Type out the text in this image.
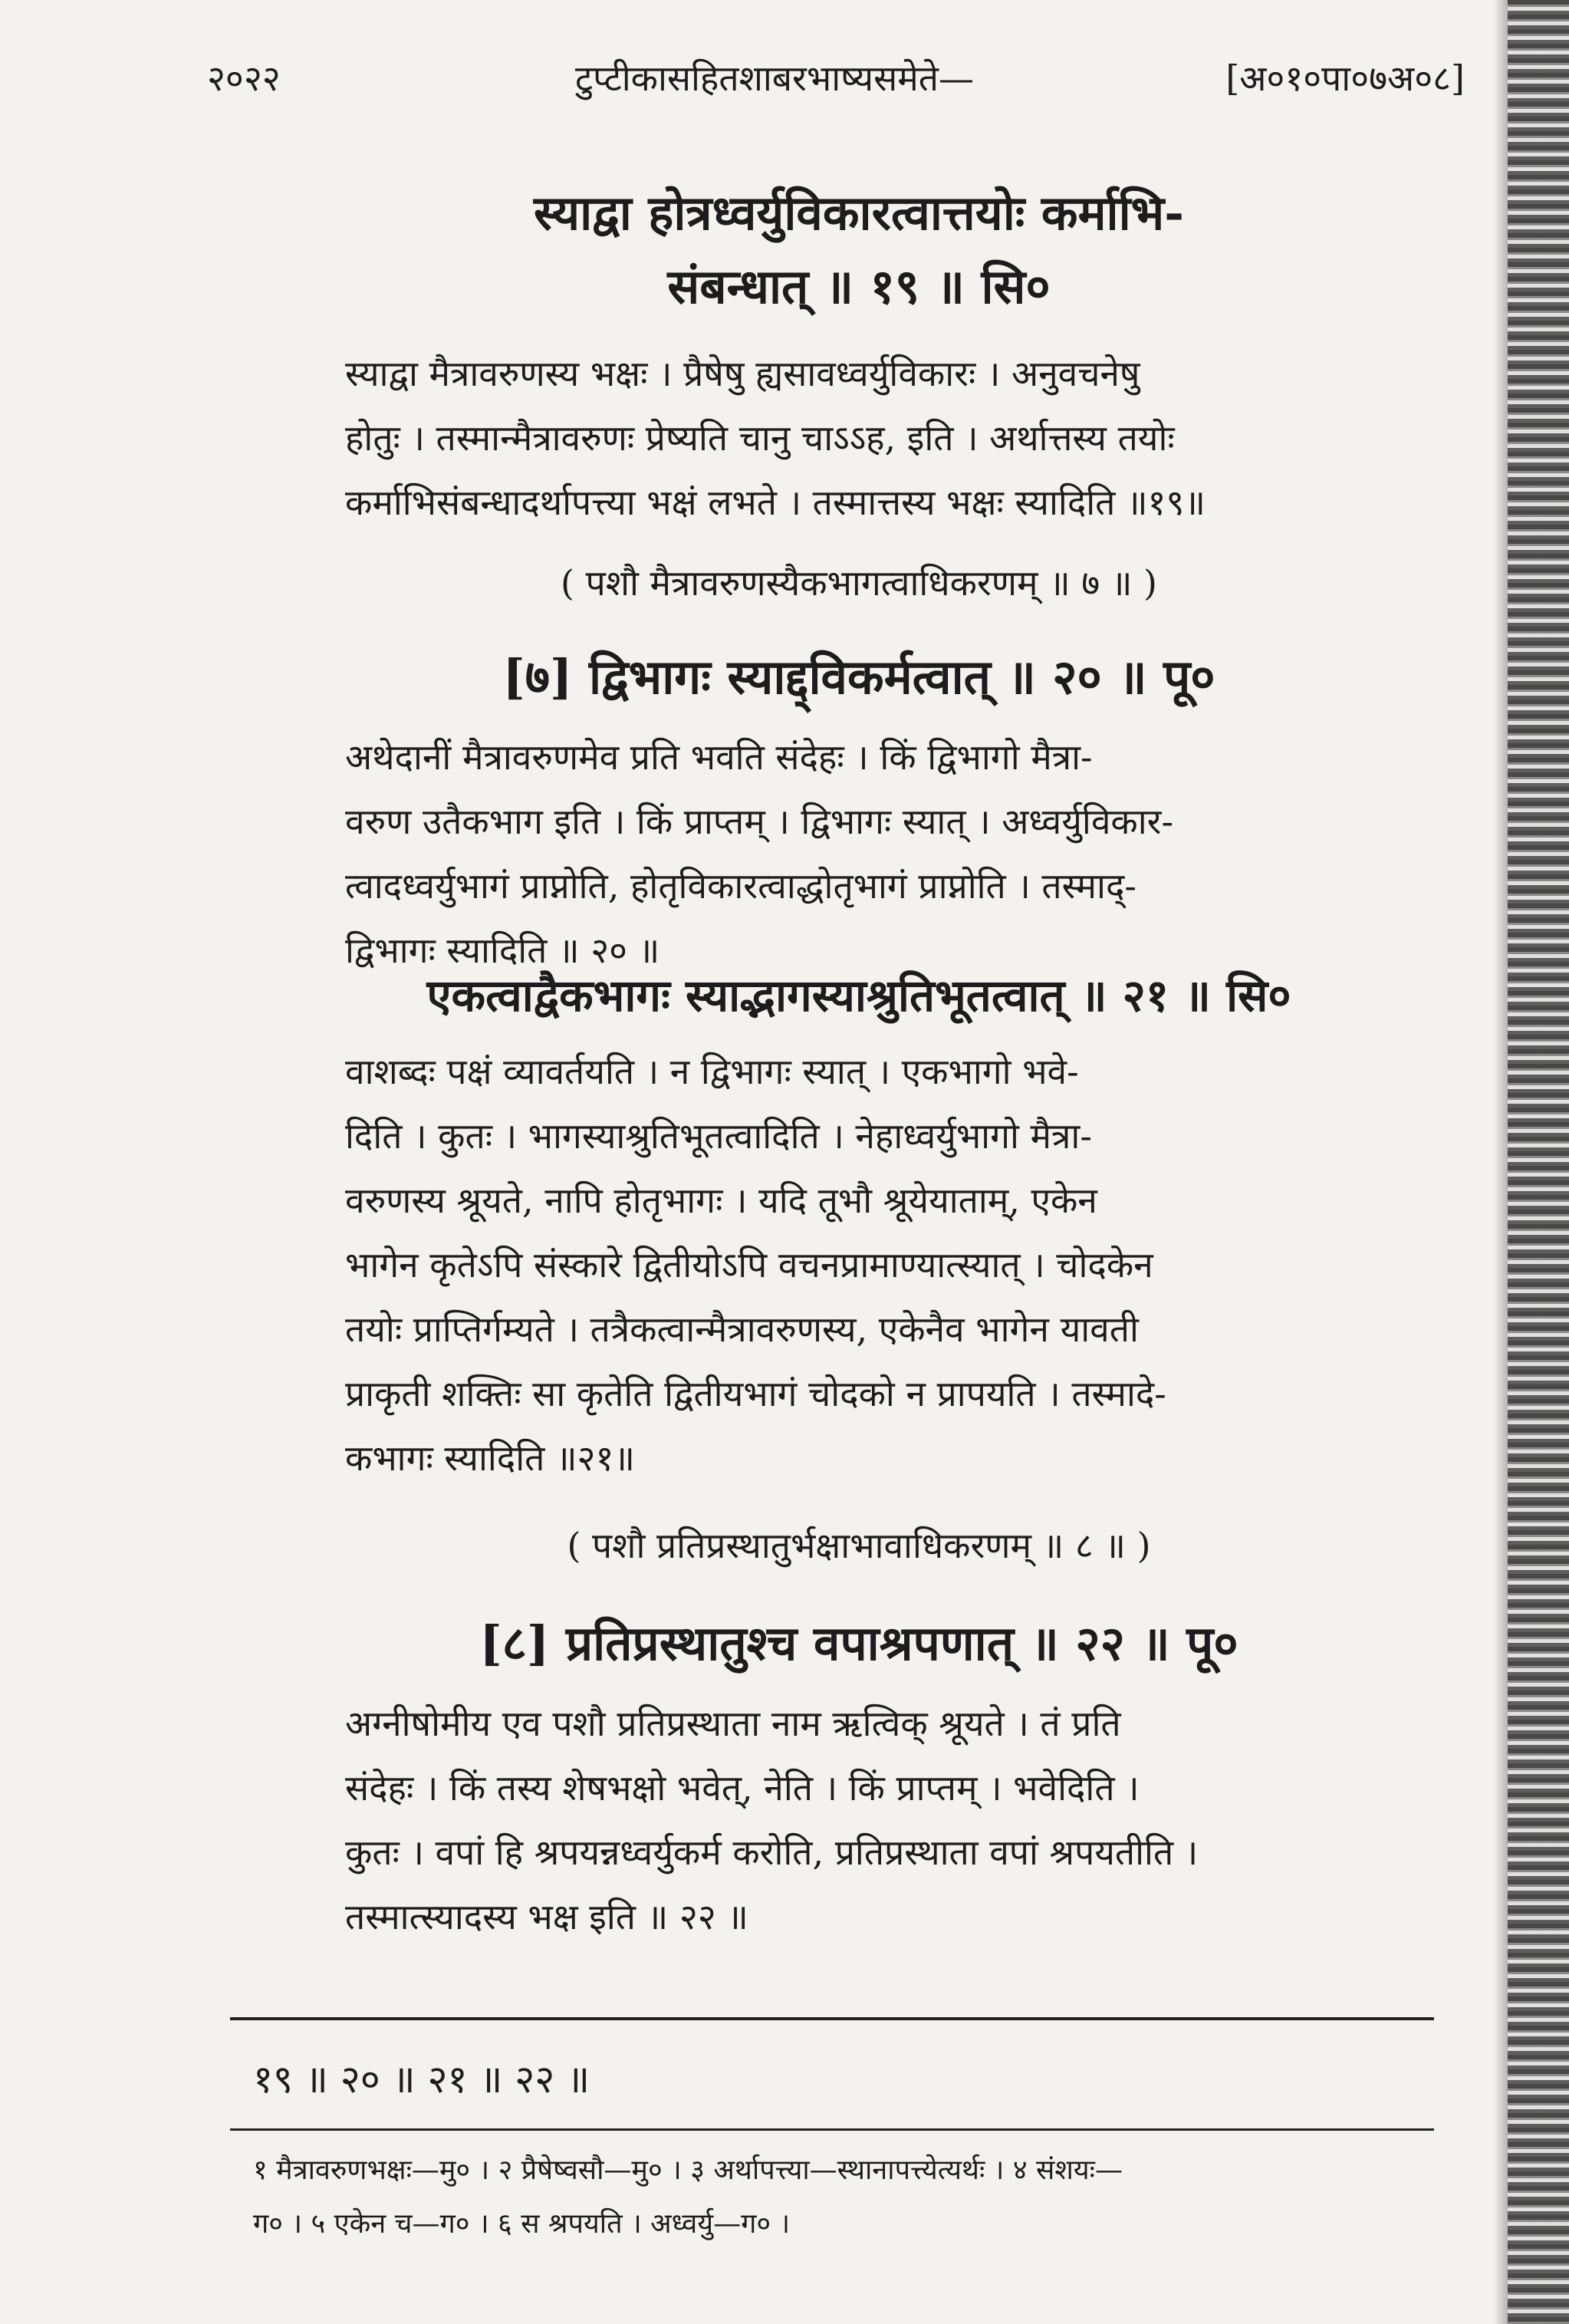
२०२२	टुप्टीकासहितशाबरभाष्यसमेते—	[अ०१०पा०७अ०८]
स्याद्वा होत्रध्वर्युविकारत्वात्तयोः कर्माभि-
संबन्धात् ॥ १९ ॥ सि०
स्याद्वा मैत्रावरुणस्य भक्षः । प्रैषेषु ह्यसावध्वर्युविकारः । अनुवचनेषु
होतुः । तस्मान्मैत्रावरुणः प्रेष्यति चानु चाऽऽह, इति । अर्थात्तस्य तयोः
कर्माभिसंबन्धादर्थापत्त्या भक्षं लभते । तस्मात्तस्य भक्षः स्यादिति ॥१९॥
( पशौ मैत्रावरुणस्यैकभागत्वाधिकरणम् ॥ ७ ॥ )
[७] द्विभागः स्याद्द्विकर्मत्वात् ॥ २० ॥ पू०
अथेदानीं मैत्रावरुणमेव प्रति भवति संदेहः । किं द्विभागो मैत्रा-
वरुण उतैकभाग इति । किं प्राप्तम् । द्विभागः स्यात् । अध्वर्युविकार-
त्वादध्वर्युभागं प्राप्नोति, होतृविकारत्वाद्धोतृभागं प्राप्नोति । तस्माद्-
द्विभागः स्यादिति ॥ २० ॥
एकत्वाद्वैकभागः स्याद्भागस्याश्रुतिभूतत्वात् ॥ २१ ॥ सि०
वाशब्दः पक्षं व्यावर्तयति । न द्विभागः स्यात् । एकभागो भवे-
दिति । कुतः । भागस्याश्रुतिभूतत्वादिति । नेहाध्वर्युभागो मैत्रा-
वरुणस्य श्रूयते, नापि होतृभागः । यदि तूभौ श्रूयेयाताम्, एकेन
भागेन कृतेऽपि संस्कारे द्वितीयोऽपि वचनप्रामाण्यात्स्यात् । चोदकेन
तयोः प्राप्तिर्गम्यते । तत्रैकत्वान्मैत्रावरुणस्य, एकेनैव भागेन यावती
प्राकृती शक्तिः सा कृतेति द्वितीयभागं चोदको न प्रापयति । तस्मादे-
कभागः स्यादिति ॥२१॥
( पशौ प्रतिप्रस्थातुर्भक्षाभावाधिकरणम् ॥ ८ ॥ )
[८] प्रतिप्रस्थातुश्च वपाश्रपणात् ॥ २२ ॥ पू०
अग्नीषोमीय एव पशौ प्रतिप्रस्थाता नाम ऋत्विक् श्रूयते । तं प्रति
संदेहः । किं तस्य शेषभक्षो भवेत्, नेति । किं प्राप्तम् । भवेदिति ।
कुतः । वपां हि श्रपयन्नध्वर्युकर्म करोति, प्रतिप्रस्थाता वपां श्रपयतीति ।
तस्मात्स्यादस्य भक्ष इति ॥ २२ ॥
१९ ॥ २० ॥ २१ ॥ २२ ॥
१ मैत्रावरुणभक्षः—मु० । २ प्रैषेष्वसौ—मु० । ३ अर्थापत्त्या—स्थानापत्त्येत्यर्थः । ४ संशयः—
ग० । ५ एकेन च—ग० । ६ स श्रपयति । अध्वर्यु—ग० ।
